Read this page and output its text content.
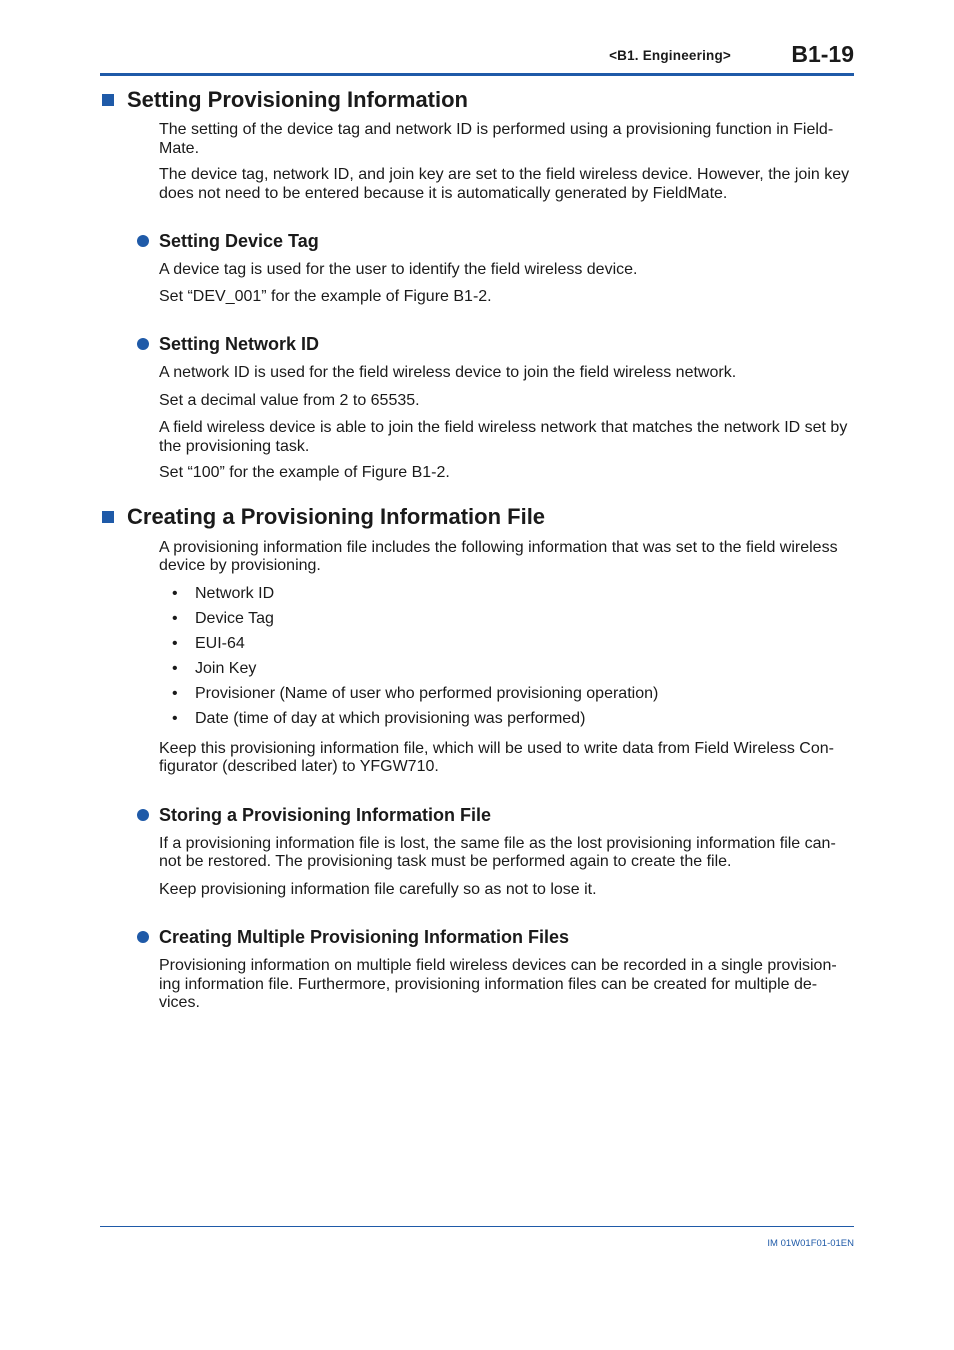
<B1. Engineering>	B1-19
Setting Provisioning Information

The setting of the device tag and network ID is performed using a provisioning function in Field-Mate.

The device tag, network ID, and join key are set to the field wireless device. However, the join key does not need to be entered because it is automatically generated by FieldMate.

Setting Device Tag

A device tag is used for the user to identify the field wireless device.

Set “DEV_001” for the example of Figure B1-2.

Setting Network ID

A network ID is used for the field wireless device to join the field wireless network.

Set a decimal value from 2 to 65535.

A field wireless device is able to join the field wireless network that matches the network ID set by the provisioning task.

Set “100” for the example of Figure B1-2.

Creating a Provisioning Information File

A provisioning information file includes the following information that was set to the field wireless device by provisioning.

• Network ID
• Device Tag
• EUI-64
• Join Key
• Provisioner (Name of user who performed provisioning operation)
• Date (time of day at which provisioning was performed)

Keep this provisioning information file, which will be used to write data from Field Wireless Con-figurator (described later) to YFGW710.

Storing a Provisioning Information File

If a provisioning information file is lost, the same file as the lost provisioning information file can-not be restored. The provisioning task must be performed again to create the file.

Keep provisioning information file carefully so as not to lose it.

Creating Multiple Provisioning Information Files

Provisioning information on multiple field wireless devices can be recorded in a single provision-ing information file. Furthermore, provisioning information files can be created for multiple de-vices.

IM 01W01F01-01EN
